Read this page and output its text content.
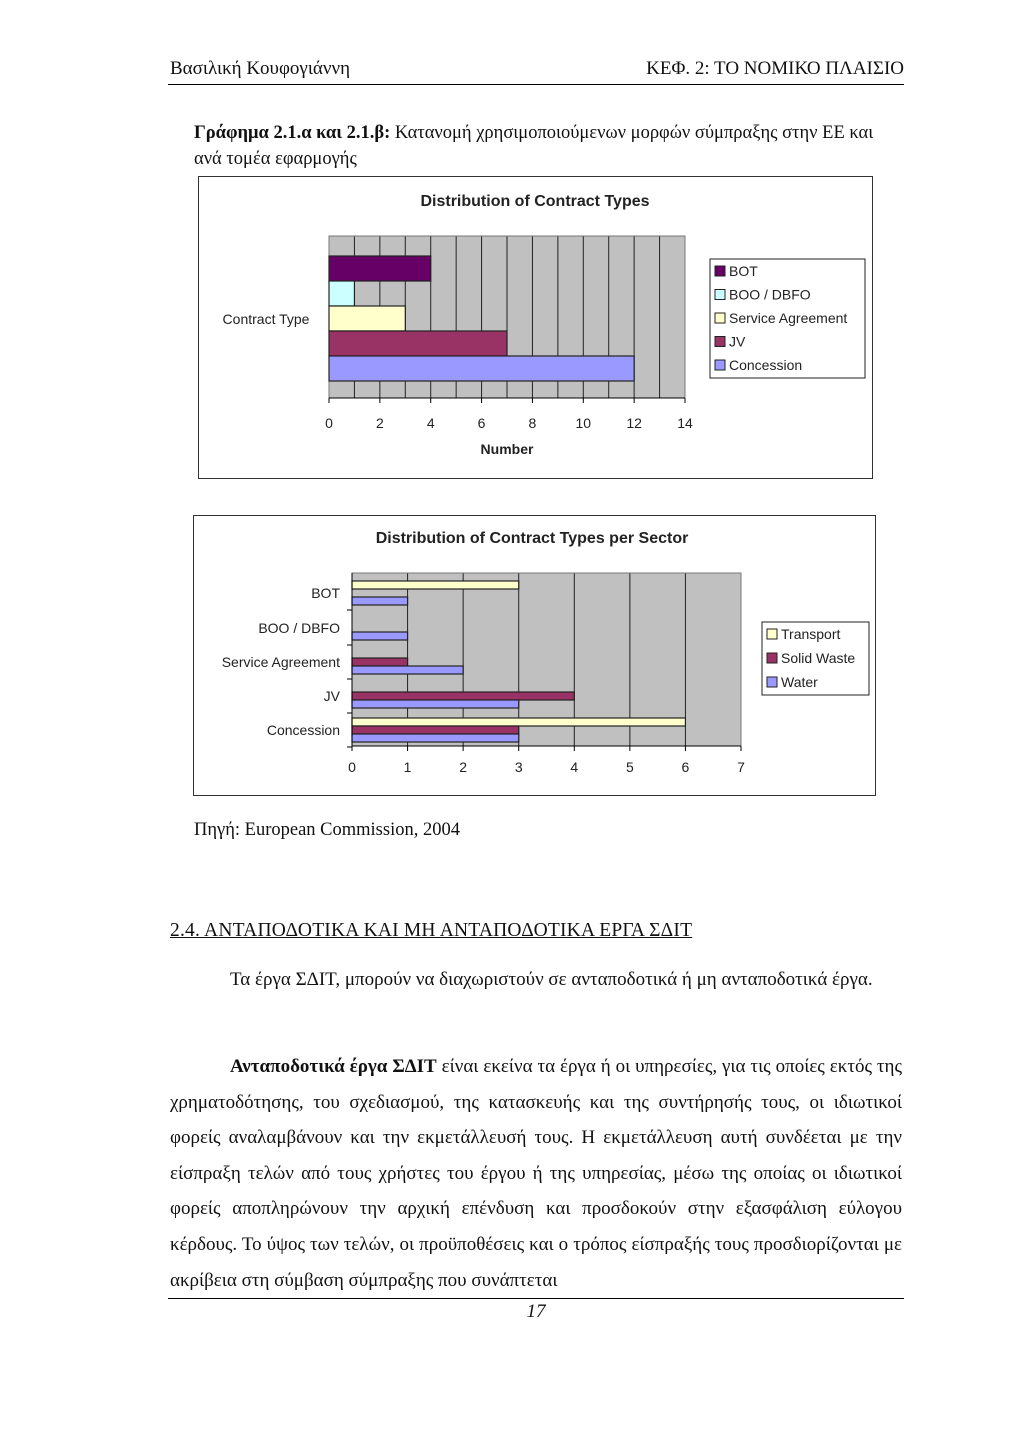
Βασιλική Κουφογιάννη	ΚΕΦ. 2: ΤΟ ΝΟΜΙΚΟ ΠΛΑΙΣΙΟ
Γράφημα 2.1.α και 2.1.β: Κατανομή χρησιμοποιούμενων μορφών σύμπραξης στην ΕΕ και ανά τομέα εφαρμογής
Distribution of Contract Types
0	2	4	6	8	10	12	14
Number
Contract Type
BOT
BOO / DBFO
Service Agreement
JV
Concession
Distribution of Contract Types per Sector
BOT
BOO / DBFO
Service Agreement
JV
Concession
0	1	2	3	4	5	6	7
Transport
Solid Waste
Water
Πηγή: European Commission, 2004
2.4. ΑΝΤΑΠΟΔΟΤΙΚΑ ΚΑΙ ΜΗ ΑΝΤΑΠΟΔΟΤΙΚΑ ΕΡΓΑ ΣΔΙΤ
Τα έργα ΣΔΙΤ, μπορούν να διαχωριστούν σε ανταποδοτικά ή μη ανταποδοτικά έργα.
Ανταποδοτικά έργα ΣΔΙΤ είναι εκείνα τα έργα ή οι υπηρεσίες, για τις οποίες εκτός της χρηματοδότησης, του σχεδιασμού, της κατασκευής και της συντήρησής τους, οι ιδιωτικοί φορείς αναλαμβάνουν και την εκμετάλλευσή τους. Η εκμετάλλευση αυτή συνδέεται με την είσπραξη τελών από τους χρήστες του έργου ή της υπηρεσίας, μέσω της οποίας οι ιδιωτικοί φορείς αποπληρώνουν την αρχική επένδυση και προσδοκούν στην εξασφάλιση εύλογου κέρδους. Το ύψος των τελών, οι προϋποθέσεις και ο τρόπος είσπραξής τους προσδιορίζονται με ακρίβεια στη σύμβαση σύμπραξης που συνάπτεται
17
